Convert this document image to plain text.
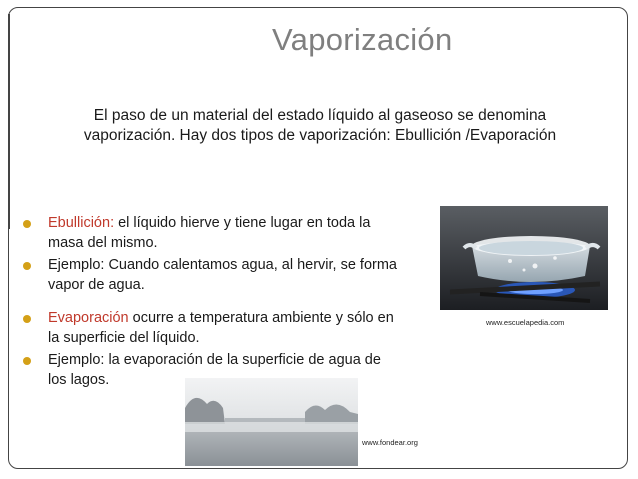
Vaporización
El paso de un material del estado líquido al gaseoso se denomina vaporización. Hay dos tipos de vaporización: Ebullición /Evaporación
Ebullición: el líquido hierve y tiene lugar en toda la masa del mismo.
Ejemplo: Cuando calentamos agua, al hervir, se forma vapor de agua.
Evaporación ocurre a temperatura ambiente y sólo en la superficie del líquido.
Ejemplo: la evaporación de la superficie de agua de los lagos.
www.escuelapedia.com
www.fondear.org
